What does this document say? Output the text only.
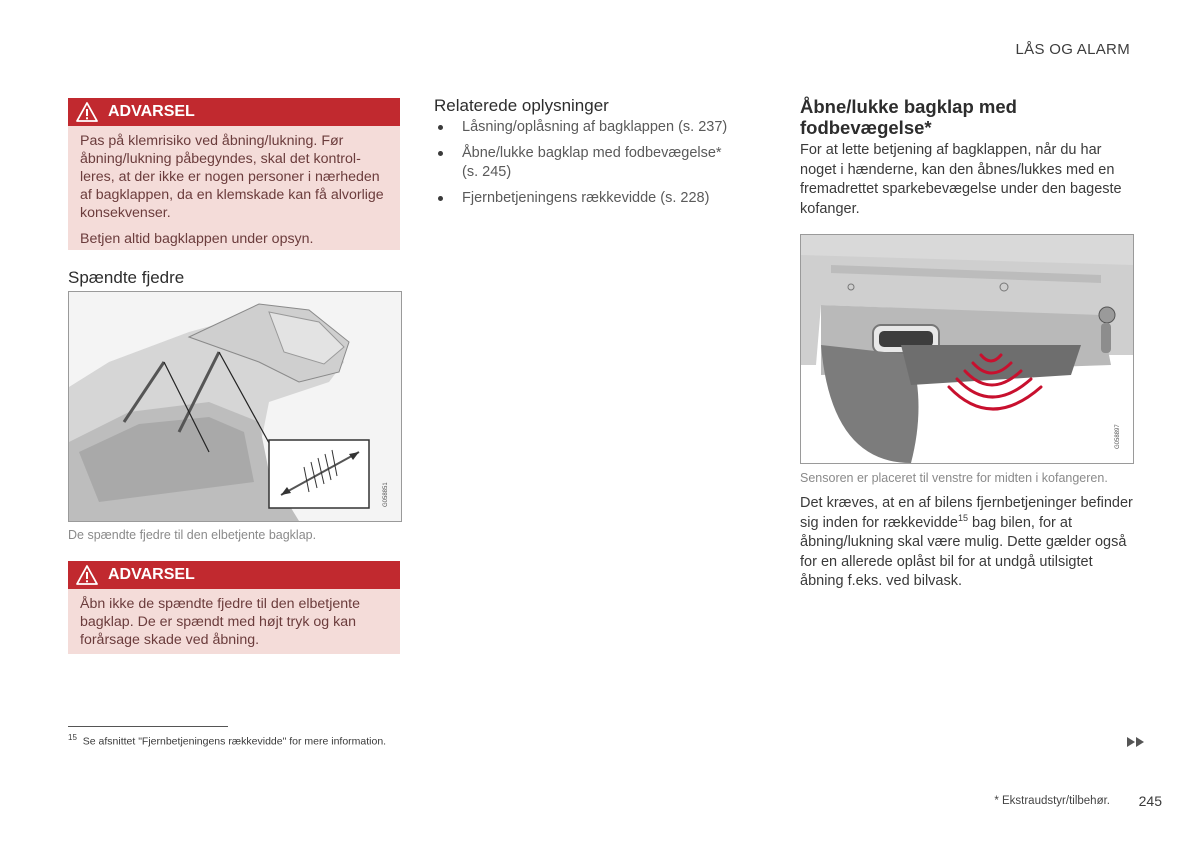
LÅS OG ALARM
ADVARSEL

Pas på klemrisiko ved åbning/lukning. Før åbning/lukning påbegyndes, skal det kontrolleres, at der ikke er nogen personer i nærheden af bagklappen, da en klemskade kan få alvorlige konsekvenser.

Betjen altid bagklappen under opsyn.

Spændte fjedre
G058851
De spændte fjedre til den elbetjente bagklap.
ADVARSEL

Åbn ikke de spændte fjedre til den elbetjente bagklap. De er spændt med højt tryk og kan forårsage skade ved åbning.

Relaterede oplysninger
Låsning/oplåsning af bagklappen (s. 237)
Åbne/lukke bagklap med fodbevægelse* (s. 245)
Fjernbetjeningens rækkevidde (s. 228)
Åbne/lukke bagklap med fodbevægelse*
For at lette betjening af bagklappen, når du har noget i hænderne, kan den åbnes/lukkes med en fremadrettet sparkebevægelse under den bageste kofanger.
G058897
Sensoren er placeret til venstre for midten i kofangeren.
Det kræves, at en af bilens fjernbetjeninger befinder sig inden for rækkevidde$^{15}$ bag bilen, for at åbning/lukning skal være mulig. Dette gælder også for en allerede oplåst bil for at undgå utilsigtet åbning f.eks. ved bilvask.
$^{15}$ Se afsnittet "Fjernbetjeningens rækkevidde" for mere information.
* Ekstraudstyr/tilbehør. 245
